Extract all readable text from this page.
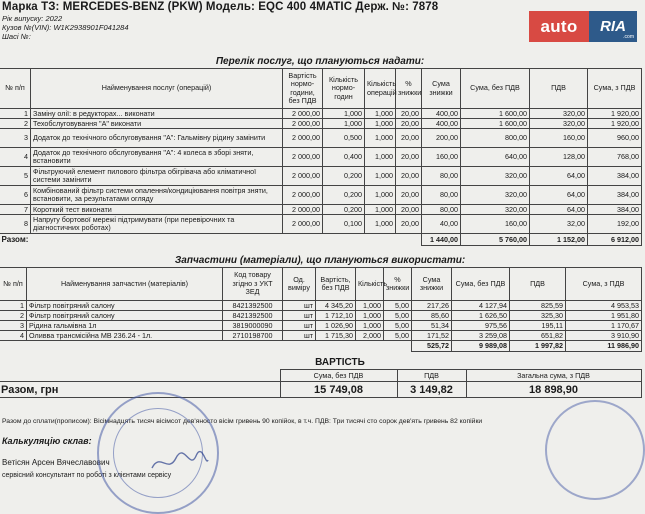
Марка ТЗ: MERCEDES-BENZ (PKW) Модель: EQC 400 4MATIC Держ. №: 7878
Рік випуску: 2022
Кузов №(VIN): W1K2938901F041284
Шасі №:
auto	RIA
.com
Перелік послуг, що плануються надати:
№ п/п	Найменування послуг (операцій)	Вартість нормо-години, без ПДВ	Кількість нормо-годин	Кількість операцій	% знижки	Сума знижки	Сума, без ПДВ	ПДВ	Сума, з ПДВ
1	Заміну олії: в редукторах... виконати	2 000,00	1,000	1,000	20,00	400,00	1 600,00	320,00	1 920,00
2	Техобслуговування "A" виконати	2 000,00	1,000	1,000	20,00	400,00	1 600,00	320,00	1 920,00
3	Додаток до технічного обслуговування "A": Гальмівну рідину замінити	2 000,00	0,500	1,000	20,00	200,00	800,00	160,00	960,00
4	Додаток до технічного обслуговування "A": 4 колеса в зборі зняти, встановити	2 000,00	0,400	1,000	20,00	160,00	640,00	128,00	768,00
5	Фільтруючий елемент пилового фільтра обігрівача або кліматичної системи замінити	2 000,00	0,200	1,000	20,00	80,00	320,00	64,00	384,00
6	Комбінований фільтр системи опалення/кондиціювання повітря зняти, встановити, за результатами огляду	2 000,00	0,200	1,000	20,00	80,00	320,00	64,00	384,00
7	Короткий тест виконати	2 000,00	0,200	1,000	20,00	80,00	320,00	64,00	384,00
8	Напругу бортової мережі підтримувати (при перевірочних та діагностичних роботах)	2 000,00	0,100	1,000	20,00	40,00	160,00	32,00	192,00
Разом:						1 440,00	5 760,00	1 152,00	6 912,00
Запчастини (матеріали), що плануються використати:
№ п/п	Найменування запчастин (матеріалів)	Код товару згідно з УКТ ЗЕД	Од. виміру	Вартість, без ПДВ	Кількість	% знижки	Сума знижки	Сума, без ПДВ	ПДВ	Сума, з ПДВ
1	Фільтр повітряний салону	8421392500	шт	4 345,20	1,000	5,00	217,26	4 127,94	825,59	4 953,53
2	Фільтр повітряний салону	8421392500	шт	1 712,10	1,000	5,00	85,60	1 626,50	325,30	1 951,80
3	Рідина гальмівна 1л	3819000090	шт	1 026,90	1,000	5,00	51,34	975,56	195,11	1 170,67
4	Оливва трансмісійна MB 236.24 - 1л.	2710198700	шт	1 715,30	2,000	5,00	171,52	3 259,08	651,82	3 910,90
							525,72	9 989,08	1 997,82	11 986,90
ВАРТІСТЬ
	Сума, без ПДВ	ПДВ	Загальна сума, з ПДВ
Разом, грн	15 749,08	3 149,82	18 898,90
Разом до сплати(прописом): Вісімнадцять тисяч вісімсот дев'яносто вісім гривень 90 копійок, в т.ч. ПДВ: Три тисячі сто сорок дев'ять гривень 82 копійки
Калькуляцію склав:
Ветісян Арсен Вячеславович
сервісний консультант по роботі з клієнтами сервісу
